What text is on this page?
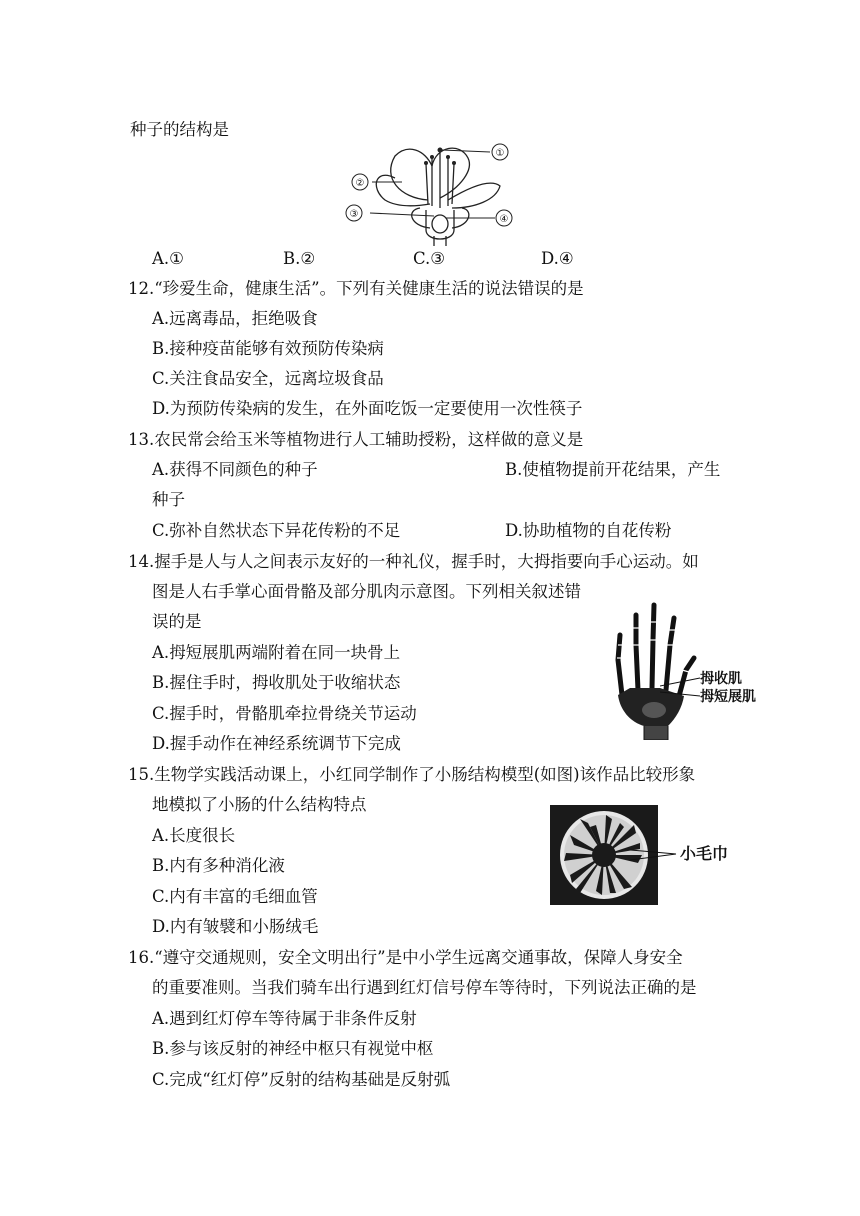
种子的结构是
①
②
③	④
A.①	B.②	C.③	D.④
12.“珍爱生命，健康生活”。下列有关健康生活的说法错误的是
A.远离毒品，拒绝吸食
B.接种疫苗能够有效预防传染病
C.关注食品安全，远离垃圾食品
D.为预防传染病的发生，在外面吃饭一定要使用一次性筷子
13.农民常会给玉米等植物进行人工辅助授粉，这样做的意义是
A.获得不同颜色的种子	B.使植物提前开花结果，产生
种子
C.弥补自然状态下异花传粉的不足	D.协助植物的自花传粉
14.握手是人与人之间表示友好的一种礼仪，握手时，大拇指要向手心运动。如
图是人右手掌心面骨骼及部分肌肉示意图。下列相关叙述错
误的是
A.拇短展肌两端附着在同一块骨上
B.握住手时，拇收肌处于收缩状态
C.握手时，骨骼肌牵拉骨绕关节运动
D.握手动作在神经系统调节下完成
拇收肌
拇短展肌
15.生物学实践活动课上，小红同学制作了小肠结构模型(如图)该作品比较形象
地模拟了小肠的什么结构特点
A.长度很长
B.内有多种消化液
C.内有丰富的毛细血管
D.内有皱襞和小肠绒毛
小毛巾
16.“遵守交通规则，安全文明出行”是中小学生远离交通事故，保障人身安全
的重要准则。当我们骑车出行遇到红灯信号停车等待时，下列说法正确的是
A.遇到红灯停车等待属于非条件反射
B.参与该反射的神经中枢只有视觉中枢
C.完成“红灯停”反射的结构基础是反射弧
